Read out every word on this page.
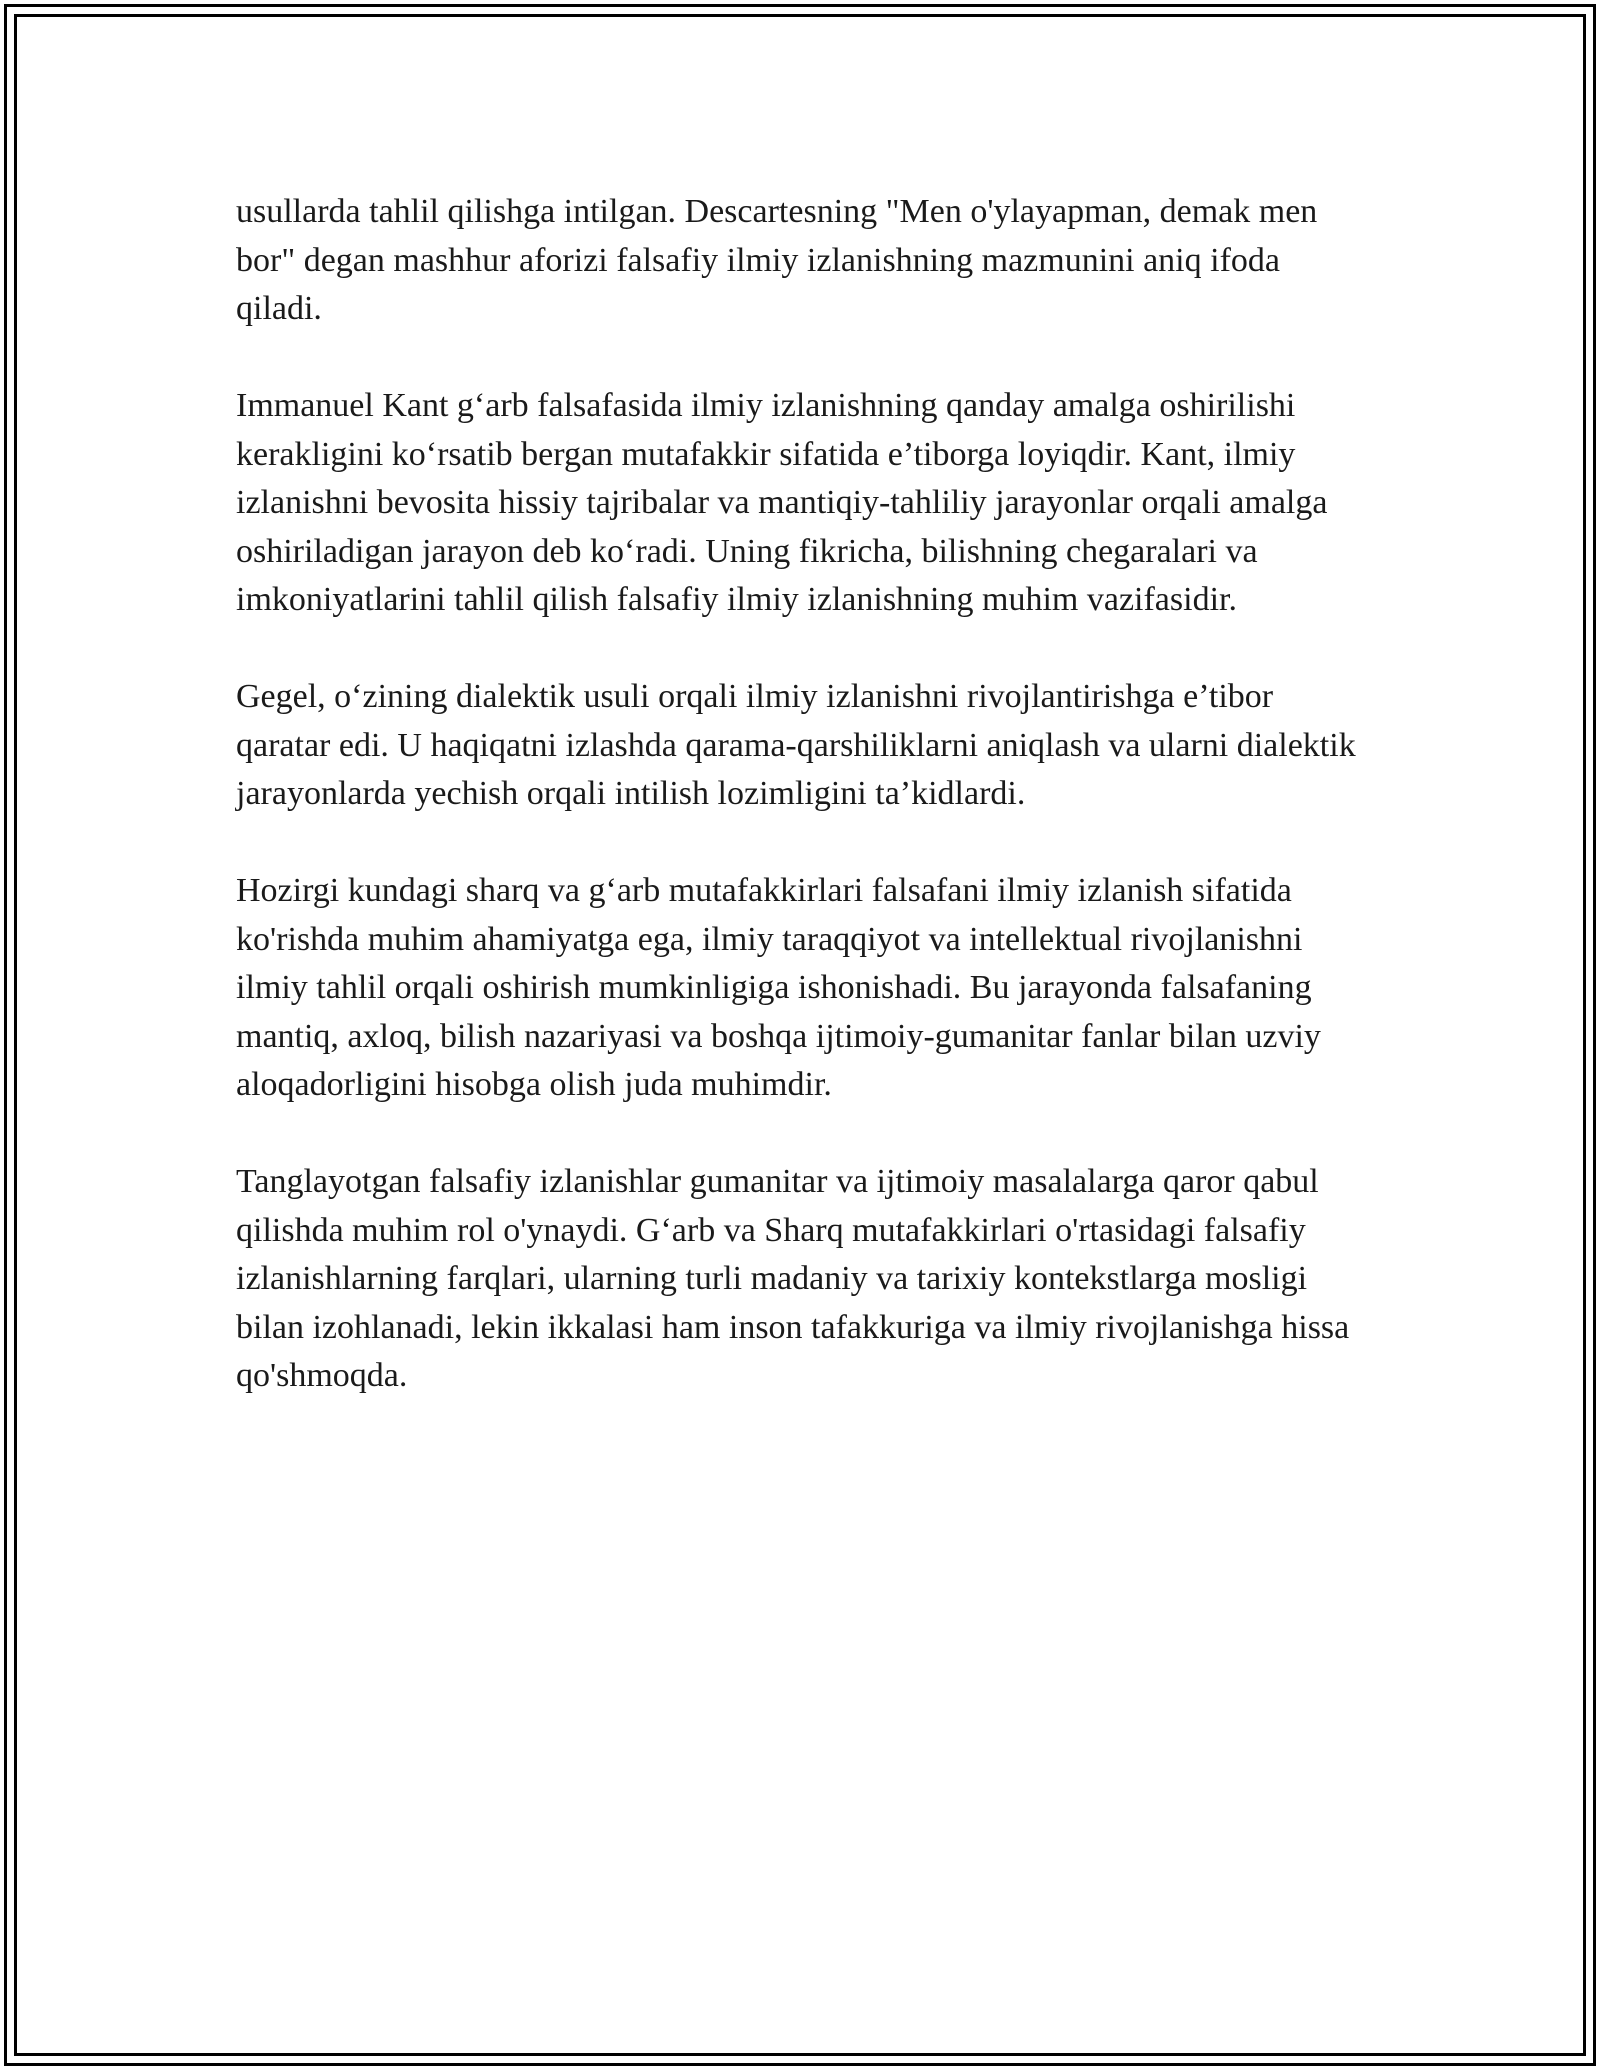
usullarda tahlil qilishga intilgan. Descartesning "Men o'ylayapman, demak men bor" degan mashhur aforizi falsafiy ilmiy izlanishning mazmunini aniq ifoda qiladi.

Immanuel Kant g‘arb falsafasida ilmiy izlanishning qanday amalga oshirilishi kerakligini ko‘rsatib bergan mutafakkir sifatida e’tiborga loyiqdir. Kant, ilmiy izlanishni bevosita hissiy tajribalar va mantiqiy-tahliliy jarayonlar orqali amalga oshiriladigan jarayon deb ko‘radi. Uning fikricha, bilishning chegaralari va imkoniyatlarini tahlil qilish falsafiy ilmiy izlanishning muhim vazifasidir.

Gegel, o‘zining dialektik usuli orqali ilmiy izlanishni rivojlantirishga e’tibor qaratar edi. U haqiqatni izlashda qarama-qarshiliklarni aniqlash va ularni dialektik jarayonlarda yechish orqali intilish lozimligini ta’kidlardi.

Hozirgi kundagi sharq va g‘arb mutafakkirlari falsafani ilmiy izlanish sifatida ko'rishda muhim ahamiyatga ega, ilmiy taraqqiyot va intellektual rivojlanishni ilmiy tahlil orqali oshirish mumkinligiga ishonishadi. Bu jarayonda falsafaning mantiq, axloq, bilish nazariyasi va boshqa ijtimoiy-gumanitar fanlar bilan uzviy aloqadorligini hisobga olish juda muhimdir.

Tanglayotgan falsafiy izlanishlar gumanitar va ijtimoiy masalalarga qaror qabul qilishda muhim rol o'ynaydi. G‘arb va Sharq mutafakkirlari o'rtasidagi falsafiy izlanishlarning farqlari, ularning turli madaniy va tarixiy kontekstlarga mosligi bilan izohlanadi, lekin ikkalasi ham inson tafakkuriga va ilmiy rivojlanishga hissa qo'shmoqda.
